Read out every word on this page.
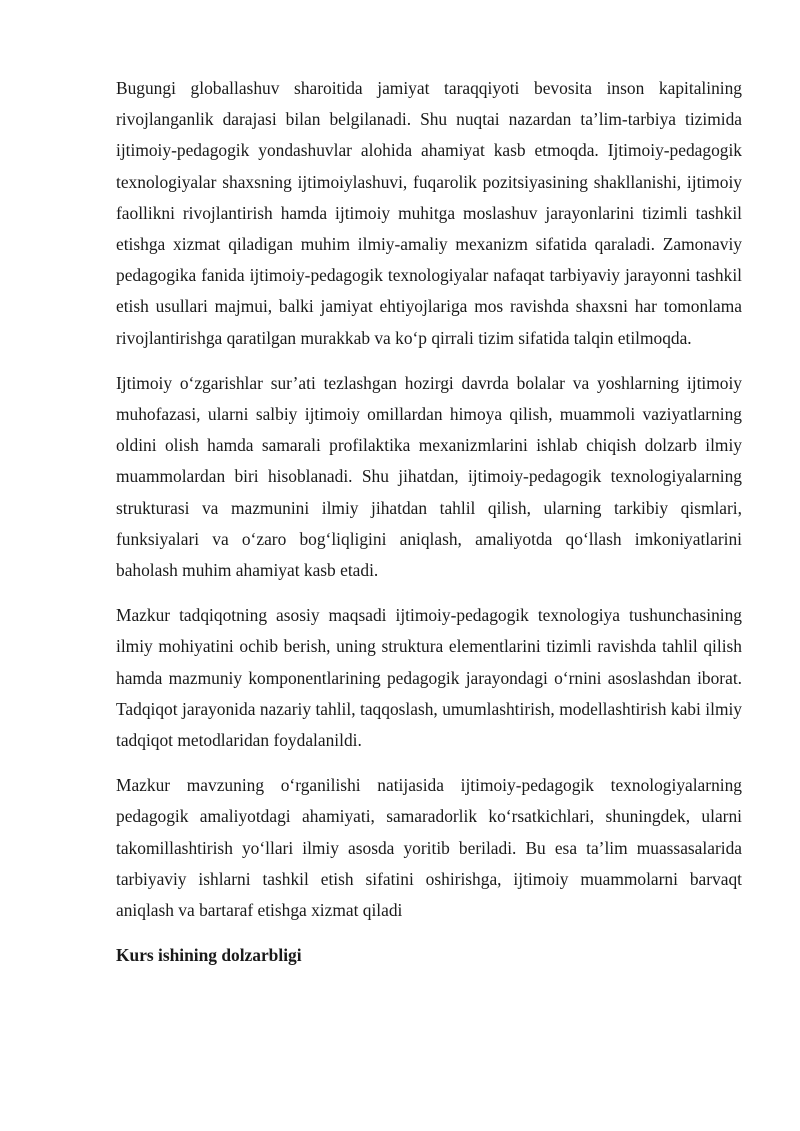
Bugungi globallashuv sharoitida jamiyat taraqqiyoti bevosita inson kapitalining rivojlanganlik darajasi bilan belgilanadi. Shu nuqtai nazardan ta’lim-tarbiya tizimida ijtimoiy-pedagogik yondashuvlar alohida ahamiyat kasb etmoqda. Ijtimoiy-pedagogik texnologiyalar shaxsning ijtimoiylashuvi, fuqarolik pozitsiyasining shakllanishi, ijtimoiy faollikni rivojlantirish hamda ijtimoiy muhitga moslashuv jarayonlarini tizimli tashkil etishga xizmat qiladigan muhim ilmiy-amaliy mexanizm sifatida qaraladi. Zamonaviy pedagogika fanida ijtimoiy-pedagogik texnologiyalar nafaqat tarbiyaviy jarayonni tashkil etish usullari majmui, balki jamiyat ehtiyojlariga mos ravishda shaxsni har tomonlama rivojlantirishga qaratilgan murakkab va ko‘p qirrali tizim sifatida talqin etilmoqda.

Ijtimoiy o‘zgarishlar sur’ati tezlashgan hozirgi davrda bolalar va yoshlarning ijtimoiy muhofazasi, ularni salbiy ijtimoiy omillardan himoya qilish, muammoli vaziyatlarning oldini olish hamda samarali profilaktika mexanizmlarini ishlab chiqish dolzarb ilmiy muammolardan biri hisoblanadi. Shu jihatdan, ijtimoiy-pedagogik texnologiyalarning strukturasi va mazmunini ilmiy jihatdan tahlil qilish, ularning tarkibiy qismlari, funksiyalari va o‘zaro bog‘liqligini aniqlash, amaliyotda qo‘llash imkoniyatlarini baholash muhim ahamiyat kasb etadi.

Mazkur tadqiqotning asosiy maqsadi ijtimoiy-pedagogik texnologiya tushunchasining ilmiy mohiyatini ochib berish, uning struktura elementlarini tizimli ravishda tahlil qilish hamda mazmuniy komponentlarining pedagogik jarayondagi o‘rnini asoslashdan iborat. Tadqiqot jarayonida nazariy tahlil, taqqoslash, umumlashtirish, modellashtirish kabi ilmiy tadqiqot metodlaridan foydalanildi.

Mazkur mavzuning o‘rganilishi natijasida ijtimoiy-pedagogik texnologiyalarning pedagogik amaliyotdagi ahamiyati, samaradorlik ko‘rsatkichlari, shuningdek, ularni takomillashtirish yo‘llari ilmiy asosda yoritib beriladi. Bu esa ta’lim muassasalarida tarbiyaviy ishlarni tashkil etish sifatini oshirishga, ijtimoiy muammolarni barvaqt aniqlash va bartaraf etishga xizmat qiladi

Kurs ishining dolzarbligi
